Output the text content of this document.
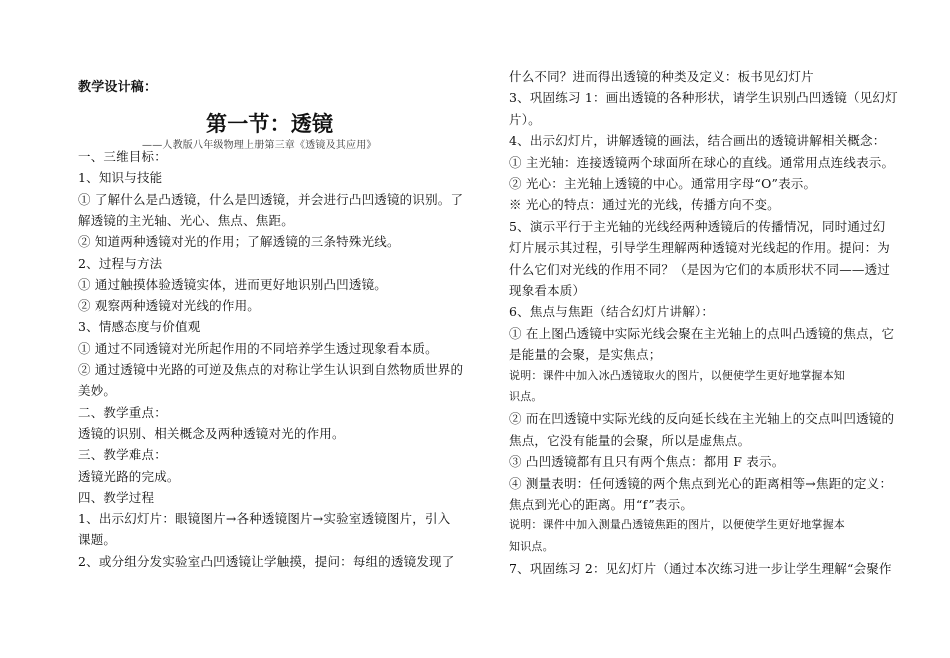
教学设计稿：

第一节：透镜

——人教版八年级物理上册第三章《透镜及其应用》

一、三维目标：

1、知识与技能

① 了解什么是凸透镜，什么是凹透镜，并会进行凸凹透镜的识别。了

解透镜的主光轴、光心、焦点、焦距。

② 知道两种透镜对光的作用；了解透镜的三条特殊光线。

2、过程与方法

① 通过触摸体验透镜实体，进而更好地识别凸凹透镜。

② 观察两种透镜对光线的作用。

3、情感态度与价值观

① 通过不同透镜对光所起作用的不同培养学生透过现象看本质。

② 通过透镜中光路的可逆及焦点的对称让学生认识到自然物质世界的

美妙。

二、教学重点：

透镜的识别、相关概念及两种透镜对光的作用。

三、教学难点：

透镜光路的完成。

四、教学过程

1、出示幻灯片：眼镜图片→各种透镜图片→实验室透镜图片，引入

课题。

2、或分组分发实验室凸凹透镜让学触摸，提问：每组的透镜发现了

什么不同？进而得出透镜的种类及定义：板书见幻灯片

3、巩固练习 1：画出透镜的各种形状，请学生识别凸凹透镜（见幻灯

片）。

4、出示幻灯片，讲解透镜的画法，结合画出的透镜讲解相关概念：

① 主光轴：连接透镜两个球面所在球心的直线。通常用点连线表示。

② 光心：主光轴上透镜的中心。通常用字母“O”表示。

※ 光心的特点：通过光的光线，传播方向不变。

5、演示平行于主光轴的光线经两种透镜后的传播情况，同时通过幻

灯片展示其过程，引导学生理解两种透镜对光线起的作用。提问：为

什么它们对光线的作用不同？（是因为它们的本质形状不同——透过

现象看本质）

6、焦点与焦距（结合幻灯片讲解）：

① 在上图凸透镜中实际光线会聚在主光轴上的点叫凸透镜的焦点，它

是能量的会聚，是实焦点；

说明：课件中加入冰凸透镜取火的图片，以便使学生更好地掌握本知

识点。

② 而在凹透镜中实际光线的反向延长线在主光轴上的交点叫凹透镜的

焦点，它没有能量的会聚，所以是虚焦点。

③ 凸凹透镜都有且只有两个焦点：都用 F 表示。

④ 测量表明：任何透镜的两个焦点到光心的距离相等→焦距的定义：

焦点到光心的距离。用“f”表示。

说明：课件中加入测量凸透镜焦距的图片，以便使学生更好地掌握本

知识点。

7、巩固练习 2：见幻灯片（通过本次练习进一步让学生理解“会聚作
